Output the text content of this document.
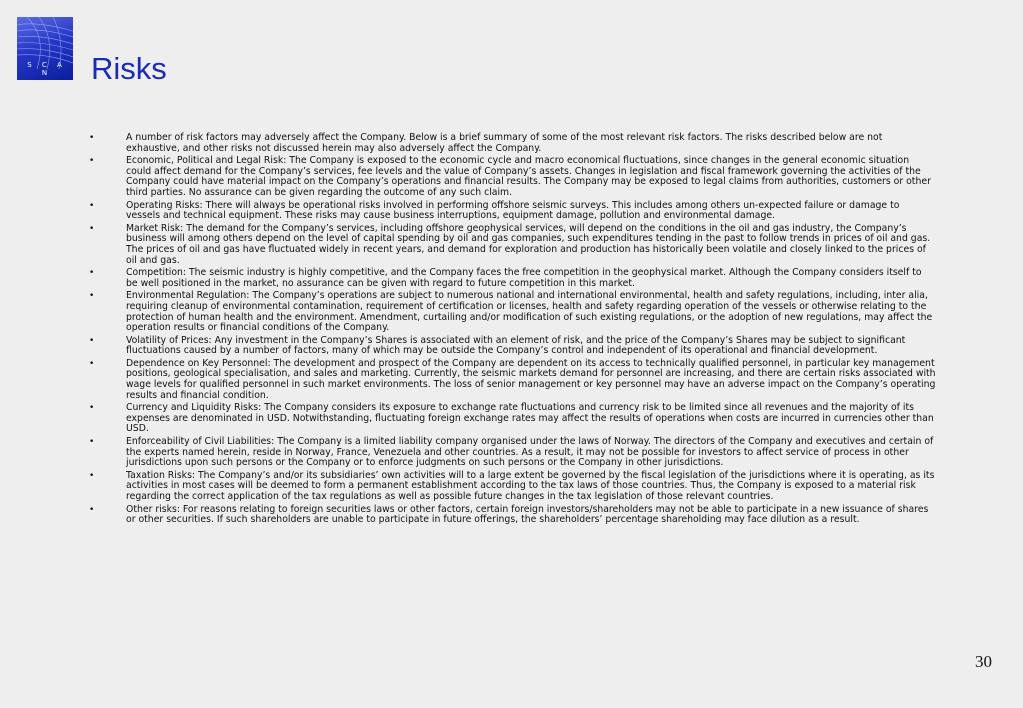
S C A N	Risks
•	A number of risk factors may adversely affect the Company. Below is a brief summary of some of the most relevant risk factors. The risks described below are not exhaustive, and other risks not discussed herein may also adversely affect the Company.
•	Economic, Political and Legal Risk: The Company is exposed to the economic cycle and macro economical fluctuations, since changes in the general economic situation could affect demand for the Company’s services, fee levels and the value of Company’s assets. Changes in legislation and fiscal framework governing the activities of the Company could have material impact on the Company’s operations and financial results. The Company may be exposed to legal claims from authorities, customers or other third parties. No assurance can be given regarding the outcome of any such claim.
•	Operating Risks: There will always be operational risks involved in performing offshore seismic surveys. This includes among others un-expected failure or damage to vessels and technical equipment. These risks may cause business interruptions, equipment damage, pollution and environmental damage.
•	Market Risk: The demand for the Company’s services, including offshore geophysical services, will depend on the conditions in the oil and gas industry, the Company’s business will among others depend on the level of capital spending by oil and gas companies, such expenditures tending in the past to follow trends in prices of oil and gas. The prices of oil and gas have fluctuated widely in recent years, and demand for exploration and production has historically been volatile and closely linked to the prices of oil and gas.
•	Competition: The seismic industry is highly competitive, and the Company faces the free competition in the geophysical market. Although the Company considers itself to be well positioned in the market, no assurance can be given with regard to future competition in this market.
•	Environmental Regulation: The Company’s operations are subject to numerous national and international environmental, health and safety regulations, including, inter alia, requiring cleanup of environmental contamination, requirement of certification or licenses, health and safety regarding operation of the vessels or otherwise relating to the protection of human health and the environment. Amendment, curtailing and/or modification of such existing regulations, or the adoption of new regulations, may affect the operation results or financial conditions of the Company.
•	Volatility of Prices: Any investment in the Company’s Shares is associated with an element of risk, and the price of the Company’s Shares may be subject to significant fluctuations caused by a number of factors, many of which may be outside the Company’s control and independent of its operational and financial development.
•	Dependence on Key Personnel: The development and prospect of the Company are dependent on its access to technically qualified personnel, in particular key management positions, geological specialisation, and sales and marketing. Currently, the seismic markets demand for personnel are increasing, and there are certain risks associated with wage levels for qualified personnel in such market environments. The loss of senior management or key personnel may have an adverse impact on the Company’s operating results and financial condition.
•	Currency and Liquidity Risks: The Company considers its exposure to exchange rate fluctuations and currency risk to be limited since all revenues and the majority of its expenses are denominated in USD. Notwithstanding, fluctuating foreign exchange rates may affect the results of operations when costs are incurred in currencies other than USD.
•	Enforceability of Civil Liabilities: The Company is a limited liability company organised under the laws of Norway. The directors of the Company and executives and certain of the experts named herein, reside in Norway, France, Venezuela and other countries. As a result, it may not be possible for investors to affect service of process in other jurisdictions upon such persons or the Company or to enforce judgments on such persons or the Company in other jurisdictions.
•	Taxation Risks: The Company’s and/or its subsidiaries’ own activities will to a large extent be governed by the fiscal legislation of the jurisdictions where it is operating, as its activities in most cases will be deemed to form a permanent establishment according to the tax laws of those countries. Thus, the Company is exposed to a material risk regarding the correct application of the tax regulations as well as possible future changes in the tax legislation of those relevant countries.
•	Other risks: For reasons relating to foreign securities laws or other factors, certain foreign investors/shareholders may not be able to participate in a new issuance of shares or other securities. If such shareholders are unable to participate in future offerings, the shareholders’ percentage shareholding may face dilution as a result.
30
